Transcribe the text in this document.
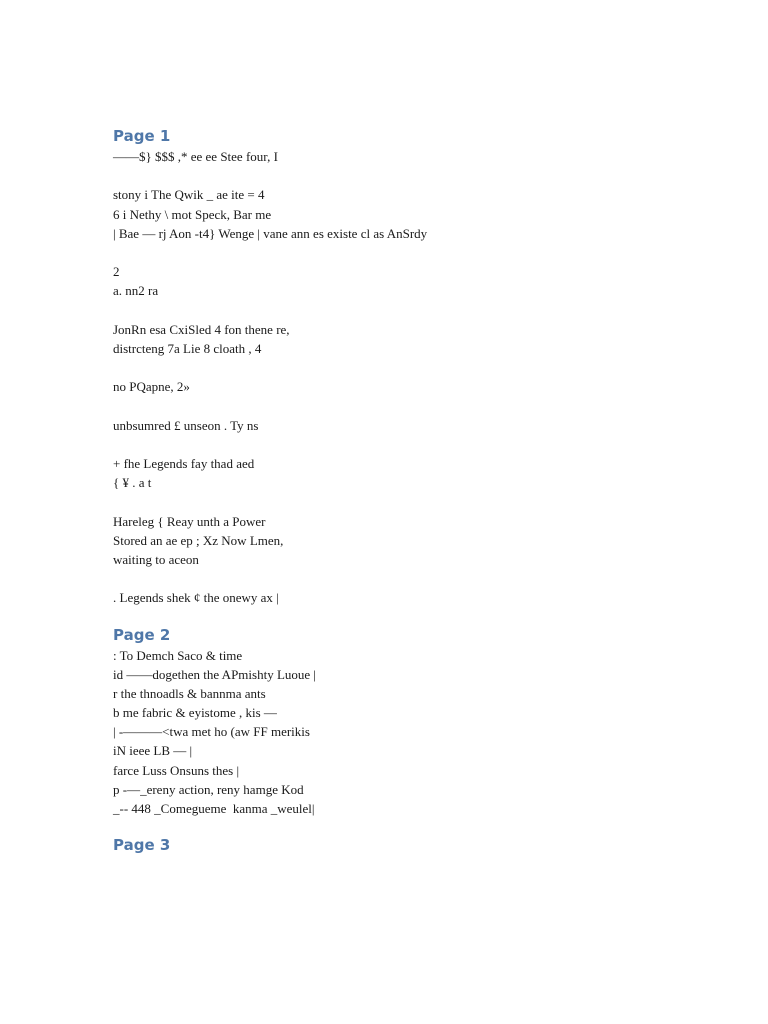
Page 1
——$} $$$ ,* ee ee Stee four, I
stony i The Qwik _ ae ite = 4
6 i Nethy \ mot Speck, Bar me
| Bae — rj Aon -t4} Wenge | vane ann es existe cl as AnSrdy
2
a. nn2 ra
JonRn esa CxiSled 4 fon thene re,
distrcteng 7a Lie 8 cloath , 4
no PQapne, 2»
unbsumred £ unseon . Ty ns
+ fhe Legends fay thad aed
{ ¥ . a t
Hareleg { Reay unth a Power
Stored an ae ep ; Xz Now Lmen,
waiting to aceon
. Legends shek ¢ the onewy ax |
Page 2
: To Demch Saco & time
id ——dogethen the APmishty Luoue |
r the thnoadls & bannma ants
b me fabric & eyistome , kis —
| -———<twa met ho (aw FF merikis
iN ieee LB — |
farce Luss Onsuns thes |
p -—_ereny action, reny hamge Kod
_-- 448 _Comegueme  kanma _weulel|
Page 3
